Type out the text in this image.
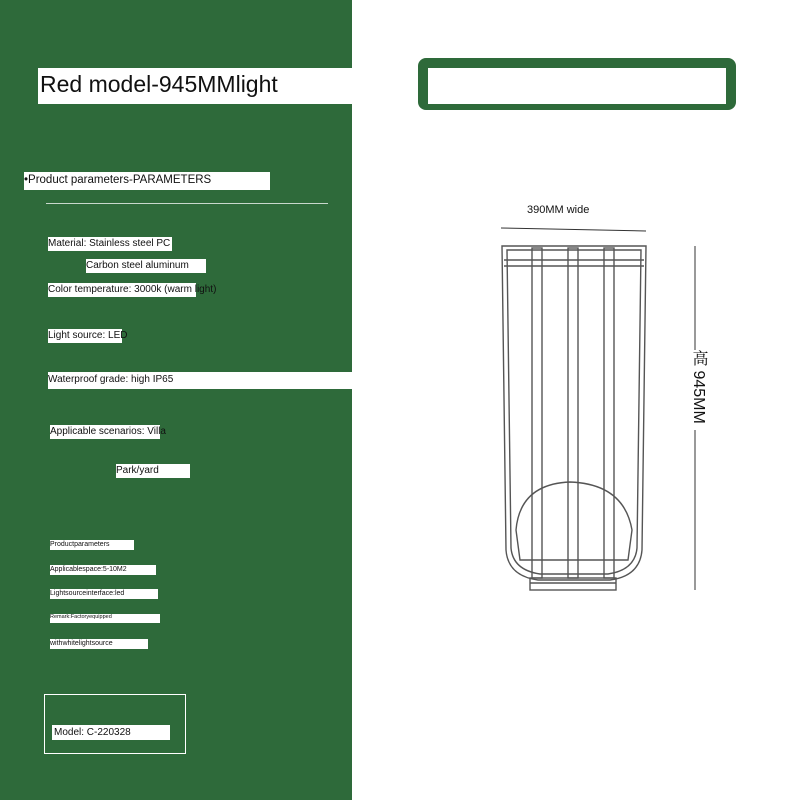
Red model-945MMlight
•Product parameters-PARAMETERS
Material: Stainless steel PC
Carbon steel aluminum
Color temperature: 3000k (warm light)
Light source: LED
Waterproof grade: high IP65
Applicable scenarios: Villa
Park/yard
Productparameters
Applicablespace:5-10M2
Lightsourceinterface:led
Remark:Factoryequipped
withwhitelightsource
Model: C-220328
390MM wide
高 945MM
